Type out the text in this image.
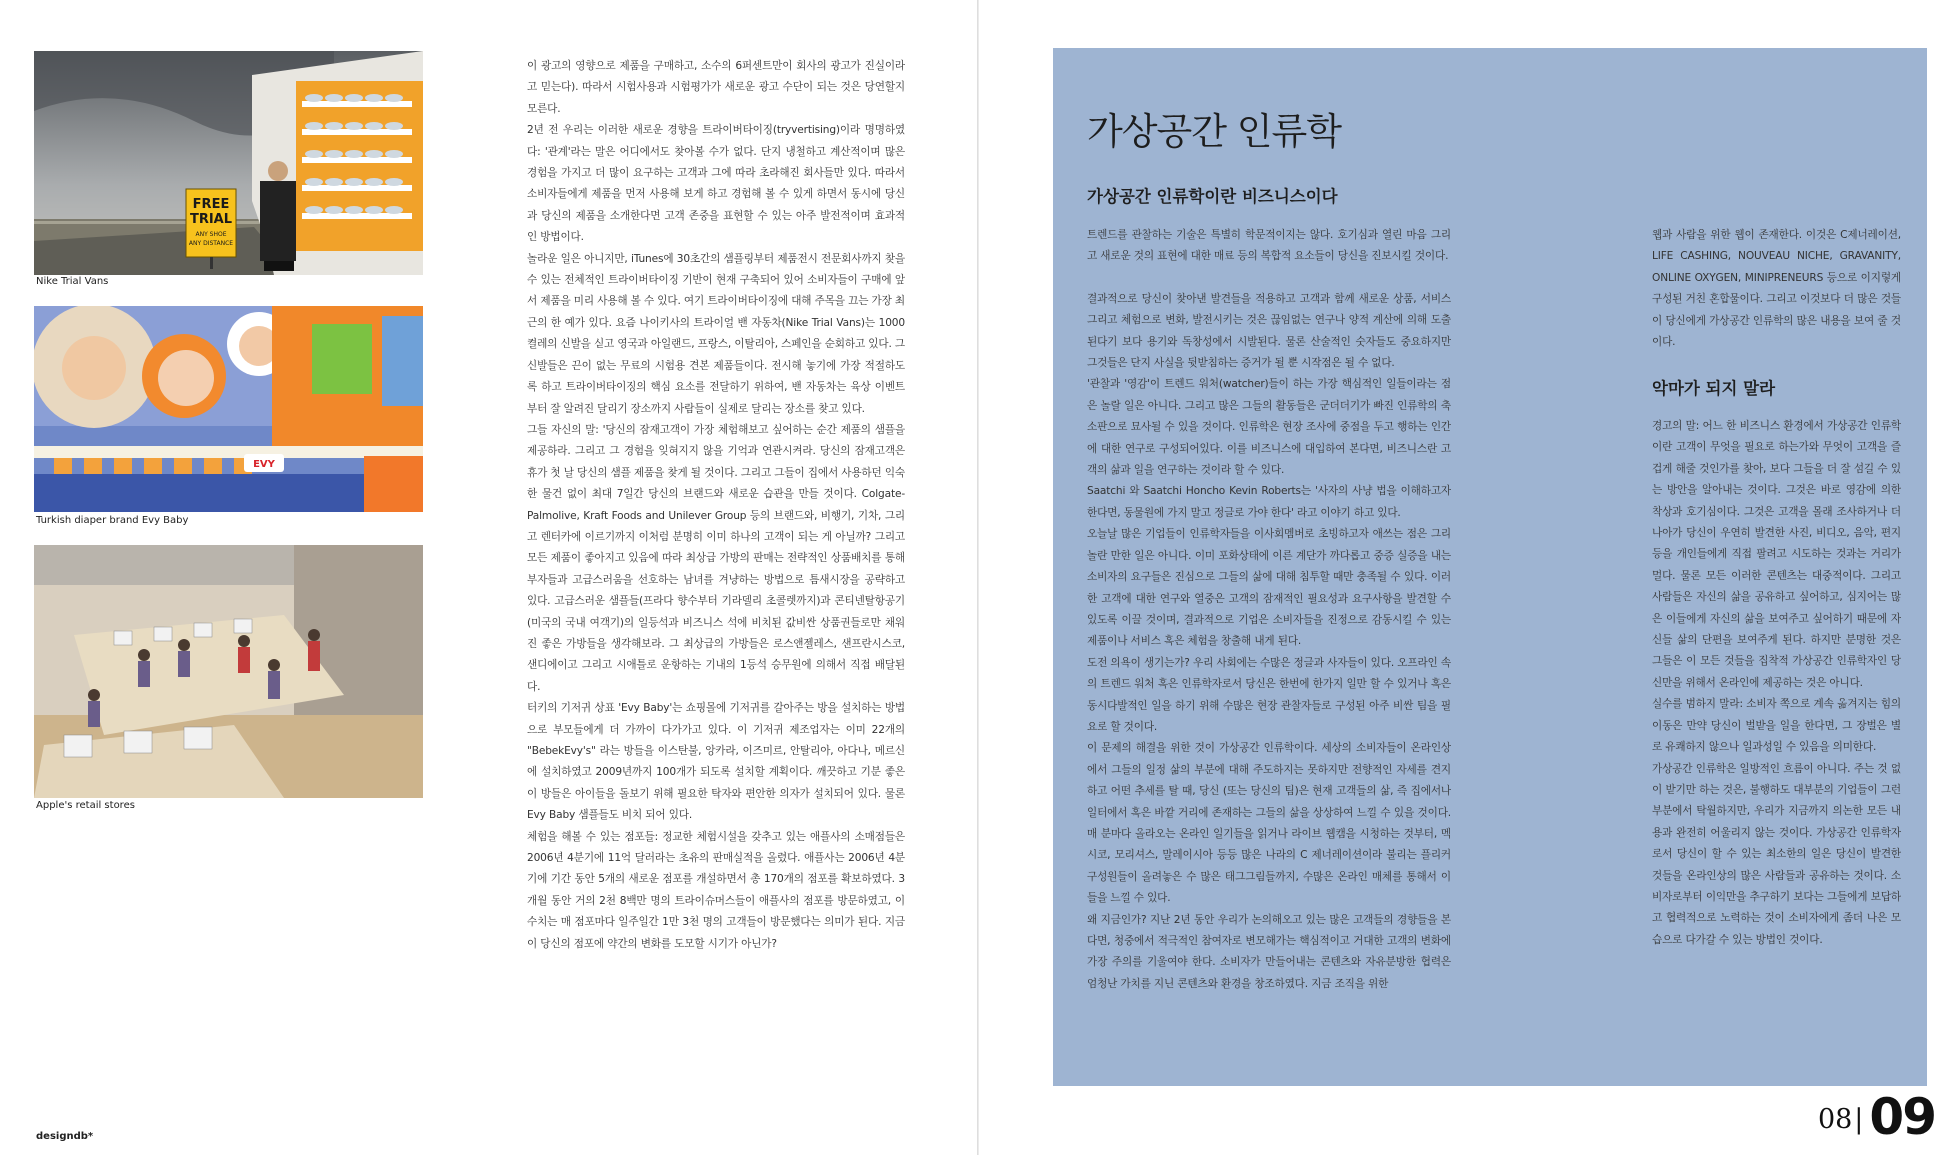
FREE
TRIAL
ANY SHOE
ANY DISTANCE
Nike Trial Vans
EVY
Turkish diaper brand Evy Baby
Apple's retail stores

이 광고의 영향으로 제품을 구매하고, 소수의 6퍼센트만이 회사의 광고가 진실이라고 믿는다). 따라서 시험사용과 시험평가가 새로운 광고 수단이 되는 것은 당연할지 모른다.

2년 전 우리는 이러한 새로운 경향을 트라이버타이징(tryvertising)이라 명명하였다: '관계'라는 말은 어디에서도 찾아볼 수가 없다. 단지 냉철하고 계산적이며 많은 경험을 가지고 더 많이 요구하는 고객과 그에 따라 초라해진 회사들만 있다. 따라서 소비자들에게 제품을 먼저 사용해 보게 하고 경험해 볼 수 있게 하면서 동시에 당신과 당신의 제품을 소개한다면 고객 존중을 표현할 수 있는 아주 발전적이며 효과적인 방법이다.

놀라운 일은 아니지만, iTunes에 30초간의 샘플링부터 제품전시 전문회사까지 찾을 수 있는 전체적인 트라이버타이징 기반이 현재 구축되어 있어 소비자들이 구매에 앞서 제품을 미리 사용해 볼 수 있다. 여기 트라이버타이징에 대해 주목을 끄는 가장 최근의 한 예가 있다. 요즘 나이키사의 트라이얼 밴 자동차(Nike Trial Vans)는 1000 켤레의 신발을 싣고 영국과 아일랜드, 프랑스, 이탈리아, 스페인을 순회하고 있다. 그 신발들은 끈이 없는 무료의 시험용 견본 제품들이다. 전시해 놓기에 가장 적절하도록 하고 트라이버타이징의 핵심 요소를 전달하기 위하여, 밴 자동차는 육상 이벤트부터 잘 알려진 달리기 장소까지 사람들이 실제로 달리는 장소를 찾고 있다.

그들 자신의 말: '당신의 잠재고객이 가장 체험해보고 싶어하는 순간 제품의 샘플을 제공하라. 그리고 그 경험을 잊혀지지 않을 기억과 연관시켜라. 당신의 잠재고객은 휴가 첫 날 당신의 샘플 제품을 찾게 될 것이다. 그리고 그들이 집에서 사용하던 익숙한 물건 없이 최대 7일간 당신의 브랜드와 새로운 습관을 만들 것이다. Colgate-Palmolive, Kraft Foods and Unilever Group 등의 브랜드와, 비행기, 기차, 그리고 렌터카에 이르기까지 이처럼 분명히 이미 하나의 고객이 되는 게 아닐까? 그리고 모든 제품이 좋아지고 있음에 따라 최상급 가방의 판매는 전략적인 상품배치를 통해 부자들과 고급스러움을 선호하는 남녀를 겨냥하는 방법으로 틈새시장을 공략하고 있다. 고급스러운 샘플들(프라다 향수부터 기라델리 초콜렛까지)과 콘티넨탈항공기(미국의 국내 여객기)의 일등석과 비즈니스 석에 비치된 값비싼 상품권들로만 채워진 좋은 가방들을 생각해보라. 그 최상급의 가방들은 로스앤젤레스, 샌프란시스코, 샌디에이고 그리고 시애틀로 운항하는 기내의 1등석 승무원에 의해서 직접 배달된다.

터키의 기저귀 상표 'Evy Baby'는 쇼핑몰에 기저귀를 갈아주는 방을 설치하는 방법으로 부모들에게 더 가까이 다가가고 있다. 이 기저귀 제조업자는 이미 22개의 "BebekEvy's" 라는 방들을 이스탄불, 앙카라, 이즈미르, 안탈리아, 아다나, 메르신에 설치하였고 2009년까지 100개가 되도록 설치할 계획이다. 깨끗하고 기분 좋은 이 방들은 아이들을 돌보기 위해 필요한 탁자와 편안한 의자가 설치되어 있다. 물론 Evy Baby 샘플들도 비치 되어 있다.

체험을 해볼 수 있는 점포들: 정교한 체험시설을 갖추고 있는 애플사의 소매점들은 2006년 4분기에 11억 달러라는 초유의 판매실적을 올렸다. 애플사는 2006년 4분기에 기간 동안 5개의 새로운 점포를 개설하면서 총 170개의 점포를 확보하였다. 3개월 동안 거의 2천 8백만 명의 트라이슈머스들이 애플사의 점포를 방문하였고, 이 수치는 매 점포마다 일주일간 1만 3천 명의 고객들이 방문했다는 의미가 된다. 지금이 당신의 점포에 약간의 변화를 도모할 시기가 아닌가?

designdb*
가상공간 인류학
가상공간 인류학이란 비즈니스이다

트렌드를 관찰하는 기술은 특별히 학문적이지는 않다. 호기심과 열린 마음 그리고 새로운 것의 표현에 대한 매료 등의 복합적 요소들이 당신을 진보시킬 것이다.

결과적으로 당신이 찾아낸 발견들을 적용하고 고객과 함께 새로운 상품, 서비스 그리고 체험으로 변화, 발전시키는 것은 끊임없는 연구나 양적 계산에 의해 도출된다기 보다 용기와 독창성에서 시발된다. 물론 산술적인 숫자들도 중요하지만 그것들은 단지 사실을 뒷받침하는 증거가 될 뿐 시작점은 될 수 없다.

'관찰과 '영감'이 트렌드 워처(watcher)들이 하는 가장 핵심적인 일들이라는 점은 놀랄 일은 아니다. 그리고 많은 그들의 활동들은 군더더기가 빠진 인류학의 축소판으로 묘사될 수 있을 것이다. 인류학은 현장 조사에 중점을 두고 행하는 인간에 대한 연구로 구성되어있다. 이를 비즈니스에 대입하여 본다면, 비즈니스란 고객의 삶과 일을 연구하는 것이라 할 수 있다.

Saatchi 와 Saatchi Honcho Kevin Roberts는 '사자의 사냥 법을 이해하고자 한다면, 동물원에 가지 말고 정글로 가야 한다' 라고 이야기 하고 있다.

오늘날 많은 기업들이 인류학자들을 이사회멤버로 초빙하고자 애쓰는 점은 그리 놀란 만한 일은 아니다. 이미 포화상태에 이른 계단가 까다롭고 중증 실증을 내는 소비자의 요구들은 진심으로 그들의 삶에 대해 침투할 때만 충족될 수 있다. 이러한 고객에 대한 연구와 열중은 고객의 잠재적인 필요성과 요구사항을 발견할 수 있도록 이끌 것이며, 결과적으로 기업은 소비자들을 진정으로 감동시킬 수 있는 제품이나 서비스 혹은 체험을 창출해 내게 된다.

도전 의욕이 생기는가? 우리 사회에는 수많은 정글과 사자들이 있다. 오프라인 속의 트렌드 워처 혹은 인류학자로서 당신은 한번에 한가지 일만 할 수 있거나 혹은 동시다발적인 일을 하기 위해 수많은 현장 관찰자들로 구성된 아주 비싼 팀을 필요로 할 것이다.

이 문제의 해결을 위한 것이 가상공간 인류학이다. 세상의 소비자들이 온라인상에서 그들의 일정 삶의 부분에 대해 주도하지는 못하지만 전향적인 자세를 견지하고 어떤 추세를 탈 때, 당신 (또는 당신의 팀)은 현재 고객들의 삶, 즉 집에서나 일터에서 혹은 바깥 거리에 존재하는 그들의 삶을 상상하여 느낄 수 있을 것이다. 매 분마다 올라오는 온라인 일기들을 읽거나 라이브 웹캠을 시청하는 것부터, 멕시코, 모리셔스, 말레이시아 등등 많은 나라의 C 제너레이션이라 불리는 플리커 구성원들이 올려놓은 수 많은 태그그림들까지, 수많은 온라인 매체를 통해서 이들을 느낄 수 있다.

왜 지금인가? 지난 2년 동안 우리가 논의해오고 있는 많은 고객들의 경향들을 본다면, 청중에서 적극적인 참여자로 변모해가는 핵심적이고 거대한 고객의 변화에 가장 주의를 기울여야 한다. 소비자가 만들어내는 콘텐츠와 자유분방한 협력은 엄청난 가치를 지닌 콘텐츠와 환경을 창조하였다. 지금 조직을 위한

웹과 사람을 위한 웹이 존재한다. 이것은 C제너레이션, LIFE CASHING, NOUVEAU NICHE, GRAVANITY, ONLINE OXYGEN, MINIPRENEURS 등으로 이지렇게 구성된 거친 혼합물이다. 그리고 이것보다 더 많은 것들이 당신에게 가상공간 인류학의 많은 내용을 보여 줄 것이다.

악마가 되지 말라

경고의 말: 어느 한 비즈니스 환경에서 가상공간 인류학이란 고객이 무엇을 필요로 하는가와 무엇이 고객을 즐겁게 해줄 것인가를 찾아, 보다 그들을 더 잘 섬길 수 있는 방안을 알아내는 것이다. 그것은 바로 영감에 의한 착상과 호기심이다. 그것은 고객을 몰래 조사하거나 더 나아가 당신이 우연히 발견한 사진, 비디오, 음악, 편지 등을 개인들에게 직접 팔려고 시도하는 것과는 거리가 멀다. 물론 모든 이러한 콘텐츠는 대중적이다. 그리고 사람들은 자신의 삶을 공유하고 싶어하고, 심지어는 많은 이들에게 자신의 삶을 보여주고 싶어하기 때문에 자신들 삶의 단편을 보여주게 된다. 하지만 분명한 것은 그들은 이 모든 것들을 집착적 가상공간 인류학자인 당신만을 위해서 온라인에 제공하는 것은 아니다.

실수를 범하지 말라: 소비자 쪽으로 계속 옮겨지는 힘의 이동은 만약 당신이 벌받을 일을 한다면, 그 장벌은 별로 유쾌하지 않으나 일과성일 수 있음을 의미한다.

가상공간 인류학은 일방적인 흐름이 아니다. 주는 것 없이 받기만 하는 것은, 불행하도 대부분의 기업들이 그런 부분에서 탁월하지만, 우리가 지금까지 의논한 모든 내용과 완전히 어울리지 않는 것이다. 가상공간 인류학자로서 당신이 할 수 있는 최소한의 일은 당신이 발견한 것들을 온라인상의 많은 사람들과 공유하는 것이다. 소비자로부터 이익만을 추구하기 보다는 그들에게 보답하고 협력적으로 노력하는 것이 소비자에게 좀더 나은 모습으로 다가갈 수 있는 방법인 것이다.

08| 09
